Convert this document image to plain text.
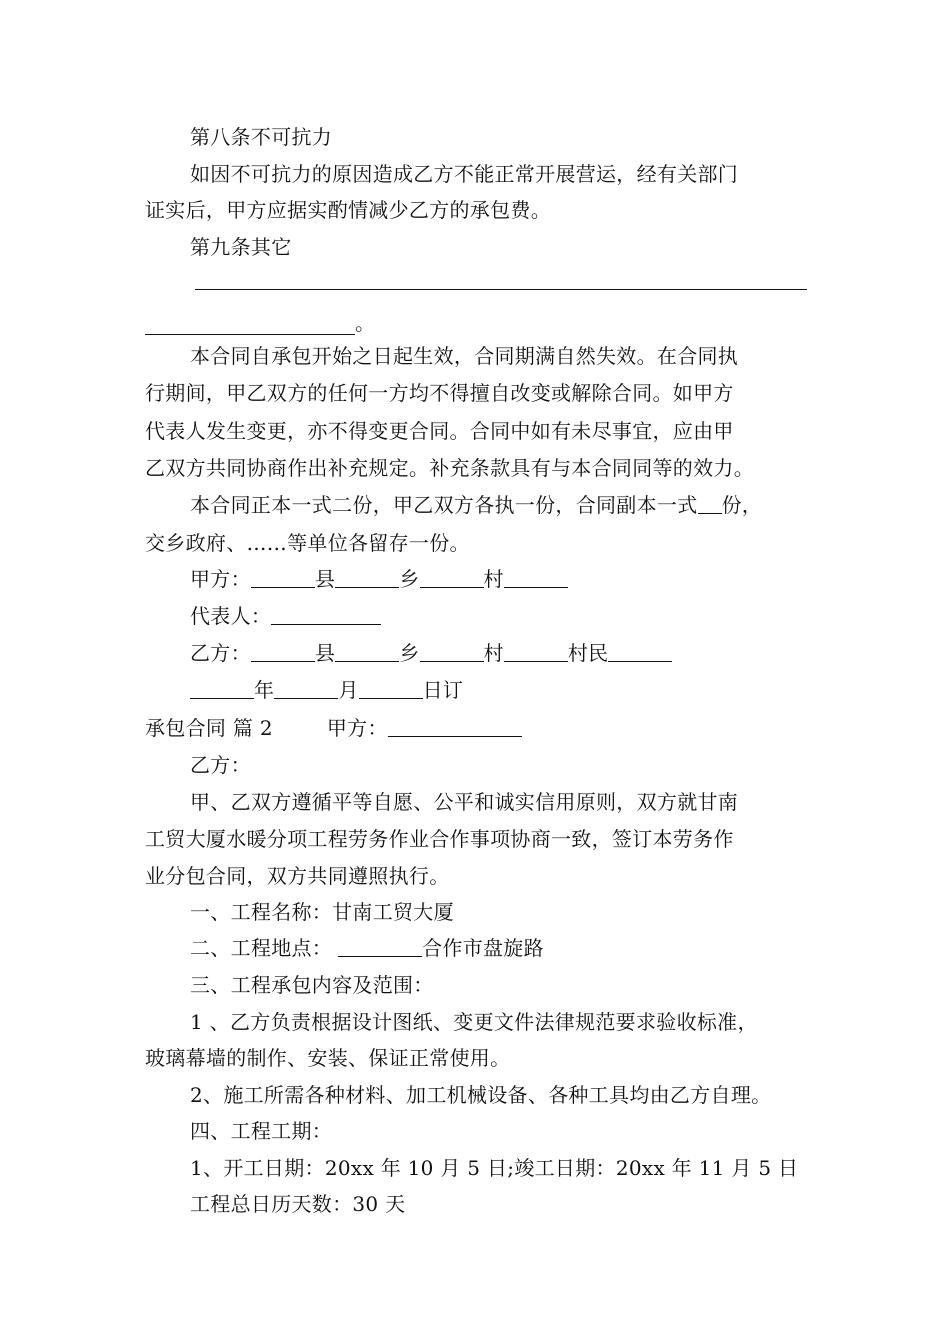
第八条不可抗力
如因不可抗力的原因造成乙方不能正常开展营运，经有关部门
证实后，甲方应据实酌情减少乙方的承包费。
第九条其它
。
本合同自承包开始之日起生效，合同期满自然失效。在合同执
行期间，甲乙双方的任何一方均不得擅自改变或解除合同。如甲方
代表人发生变更，亦不得变更合同。合同中如有未尽事宜，应由甲
乙双方共同协商作出补充规定。补充条款具有与本合同同等的效力。
本合同正本一式二份，甲乙双方各执一份，合同副本一式 份，
交乡政府、……等单位各留存一份。
甲方：	县	乡	村
代表人：
乙方：	县	乡	村	村民
年	月	日订
承包合同 篇 2	甲方：
乙方：
甲、乙双方遵循平等自愿、公平和诚实信用原则，双方就甘南
工贸大厦水暖分项工程劳务作业合作事项协商一致，签订本劳务作
业分包合同，双方共同遵照执行。
一、工程名称：甘南工贸大厦
二、工程地点：	合作市盘旋路
三、工程承包内容及范围：
1 、乙方负责根据设计图纸、变更文件法律规范要求验收标准，
玻璃幕墙的制作、安装、保证正常使用。
2、施工所需各种材料、加工机械设备、各种工具均由乙方自理。
四、工程工期：
1、开工日期：20xx 年 10 月 5 日;竣工日期：20xx 年 11 月 5 日
工程总日历天数：30 天
